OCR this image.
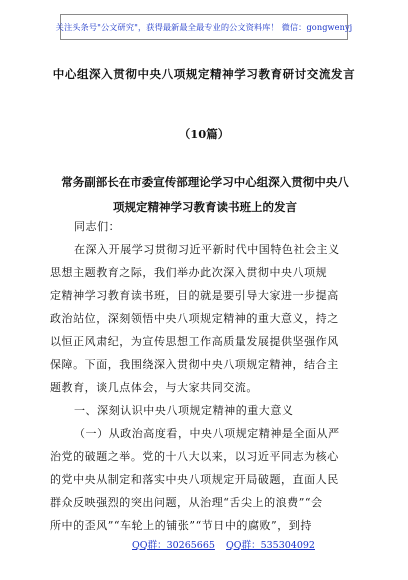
关注头条号"公文研究"，获得最新最全最专业的公文资料库！ 微信：gongwenyj
中心组深入贯彻中央八项规定精神学习教育研讨交流发言
（10篇）
常务副部长在市委宣传部理论学习中心组深入贯彻中央八
项规定精神学习教育读书班上的发言
同志们：
在深入开展学习贯彻习近平新时代中国特色社会主义
思想主题教育之际，我们举办此次深入贯彻中央八项规
定精神学习教育读书班，目的就是要引导大家进一步提高
政治站位，深刻领悟中央八项规定精神的重大意义，持之
以恒正风肃纪，为宣传思想工作高质量发展提供坚强作风
保障。下面，我围绕深入贯彻中央八项规定精神，结合主
题教育，谈几点体会，与大家共同交流。
一、深刻认识中央八项规定精神的重大意义
（一）从政治高度看，中央八项规定精神是全面从严
治党的破题之举。党的十八大以来，以习近平同志为核心
的党中央从制定和落实中央八项规定开局破题，直面人民
群众反映强烈的突出问题，从治理“舌尖上的浪费”“会
所中的歪风”“车轮上的铺张”“节日中的腐败”，到持
QQ群：30265665 QQ群：535304092
